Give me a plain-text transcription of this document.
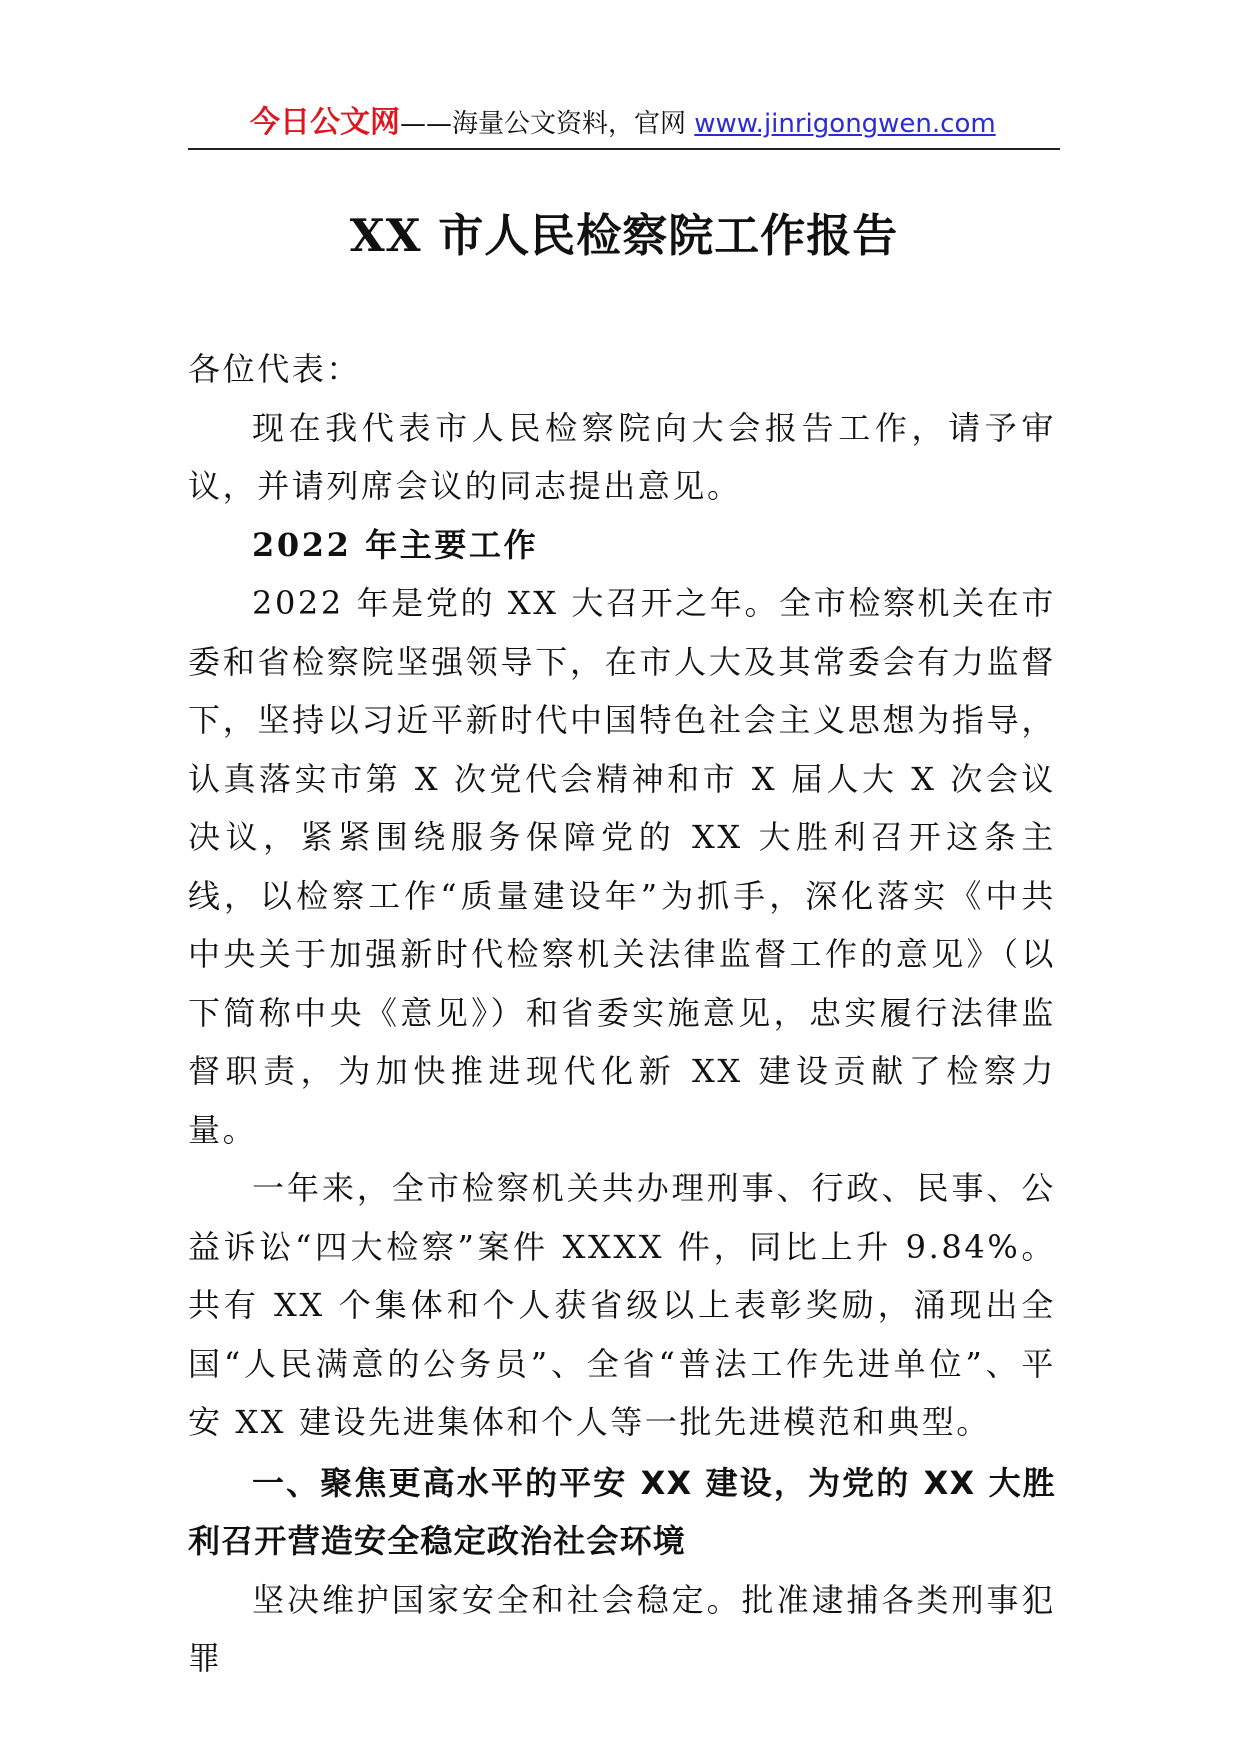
今日公文网——海量公文资料，官网 www.jinrigongwen.com
XX 市人民检察院工作报告

各位代表：

现在我代表市人民检察院向大会报告工作，请予审议，并请列席会议的同志提出意见。

2022 年主要工作

2022 年是党的 XX 大召开之年。全市检察机关在市委和省检察院坚强领导下，在市人大及其常委会有力监督下，坚持以习近平新时代中国特色社会主义思想为指导，认真落实市第 X 次党代会精神和市 X 届人大 X 次会议决议，紧紧围绕服务保障党的 XX 大胜利召开这条主线，以检察工作“质量建设年”为抓手，深化落实《中共中央关于加强新时代检察机关法律监督工作的意见》（以下简称中央《意见》）和省委实施意见，忠实履行法律监督职责，为加快推进现代化新 XX 建设贡献了检察力量。

一年来，全市检察机关共办理刑事、行政、民事、公益诉讼“四大检察”案件 XXXX 件，同比上升 9.84%。共有 XX 个集体和个人获省级以上表彰奖励，涌现出全国“人民满意的公务员”、全省“普法工作先进单位”、平安 XX 建设先进集体和个人等一批先进模范和典型。

一、聚焦更高水平的平安 XX 建设，为党的 XX 大胜利召开营造安全稳定政治社会环境

坚决维护国家安全和社会稳定。批准逮捕各类刑事犯罪
